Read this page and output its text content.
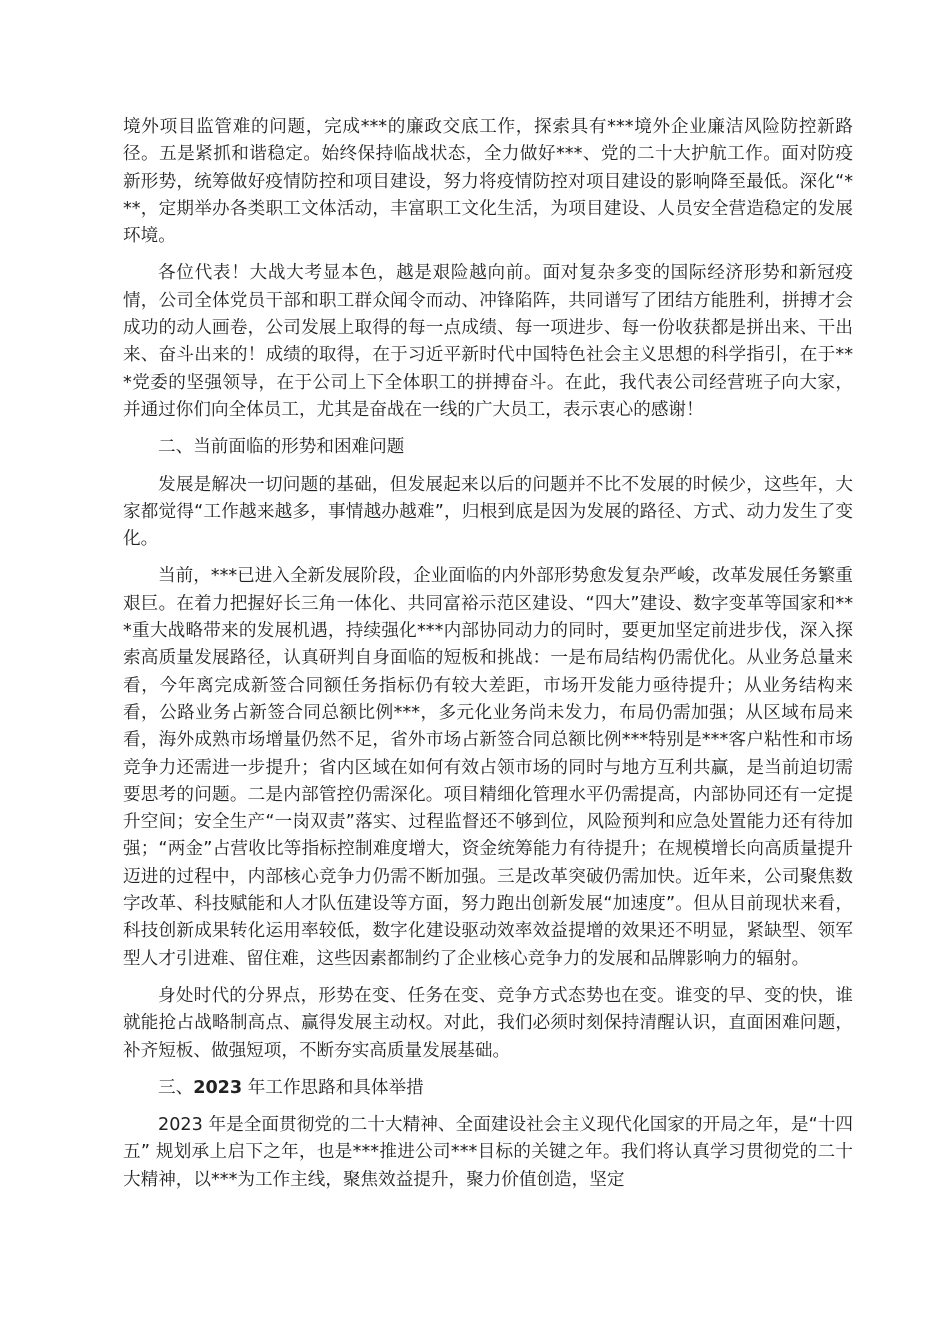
境外项目监管难的问题，完成***的廉政交底工作，探索具有***境外企业廉洁风险防控新路径。五是紧抓和谐稳定。始终保持临战状态，全力做好***、党的二十大护航工作。面对防疫新形势，统筹做好疫情防控和项目建设，努力将疫情防控对项目建设的影响降至最低。深化“***，定期举办各类职工文体活动，丰富职工文化生活，为项目建设、人员安全营造稳定的发展环境。

各位代表！大战大考显本色，越是艰险越向前。面对复杂多变的国际经济形势和新冠疫情，公司全体党员干部和职工群众闻令而动、冲锋陷阵，共同谱写了团结方能胜利，拼搏才会成功的动人画卷，公司发展上取得的每一点成绩、每一项进步、每一份收获都是拼出来、干出来、奋斗出来的！成绩的取得，在于习近平新时代中国特色社会主义思想的科学指引，在于***党委的坚强领导，在于公司上下全体职工的拼搏奋斗。在此，我代表公司经营班子向大家，并通过你们向全体员工，尤其是奋战在一线的广大员工，表示衷心的感谢！

二、当前面临的形势和困难问题

发展是解决一切问题的基础，但发展起来以后的问题并不比不发展的时候少，这些年，大家都觉得“工作越来越多，事情越办越难”，归根到底是因为发展的路径、方式、动力发生了变化。

当前，***已进入全新发展阶段，企业面临的内外部形势愈发复杂严峻，改革发展任务繁重艰巨。在着力把握好长三角一体化、共同富裕示范区建设、“四大”建设、数字变革等国家和***重大战略带来的发展机遇，持续强化***内部协同动力的同时，要更加坚定前进步伐，深入探索高质量发展路径，认真研判自身面临的短板和挑战：一是布局结构仍需优化。从业务总量来看，今年离完成新签合同额任务指标仍有较大差距，市场开发能力亟待提升；从业务结构来看，公路业务占新签合同总额比例***，多元化业务尚未发力，布局仍需加强；从区域布局来看，海外成熟市场增量仍然不足，省外市场占新签合同总额比例***特别是***客户粘性和市场竞争力还需进一步提升；省内区域在如何有效占领市场的同时与地方互利共赢，是当前迫切需要思考的问题。二是内部管控仍需深化。项目精细化管理水平仍需提高，内部协同还有一定提升空间；安全生产“一岗双责”落实、过程监督还不够到位，风险预判和应急处置能力还有待加强；“两金”占营收比等指标控制难度增大，资金统筹能力有待提升；在规模增长向高质量提升迈进的过程中，内部核心竞争力仍需不断加强。三是改革突破仍需加快。近年来，公司聚焦数字改革、科技赋能和人才队伍建设等方面，努力跑出创新发展“加速度”。但从目前现状来看，科技创新成果转化运用率较低，数字化建设驱动效率效益提增的效果还不明显，紧缺型、领军型人才引进难、留住难，这些因素都制约了企业核心竞争力的发展和品牌影响力的辐射。

身处时代的分界点，形势在变、任务在变、竞争方式态势也在变。谁变的早、变的快，谁就能抢占战略制高点、赢得发展主动权。对此，我们必须时刻保持清醒认识，直面困难问题，补齐短板、做强短项，不断夯实高质量发展基础。

三、2023 年工作思路和具体举措

2023 年是全面贯彻党的二十大精神、全面建设社会主义现代化国家的开局之年，是“十四五” 规划承上启下之年，也是***推进公司***目标的关键之年。我们将认真学习贯彻党的二十大精神，以***为工作主线，聚焦效益提升，聚力价值创造，坚定
